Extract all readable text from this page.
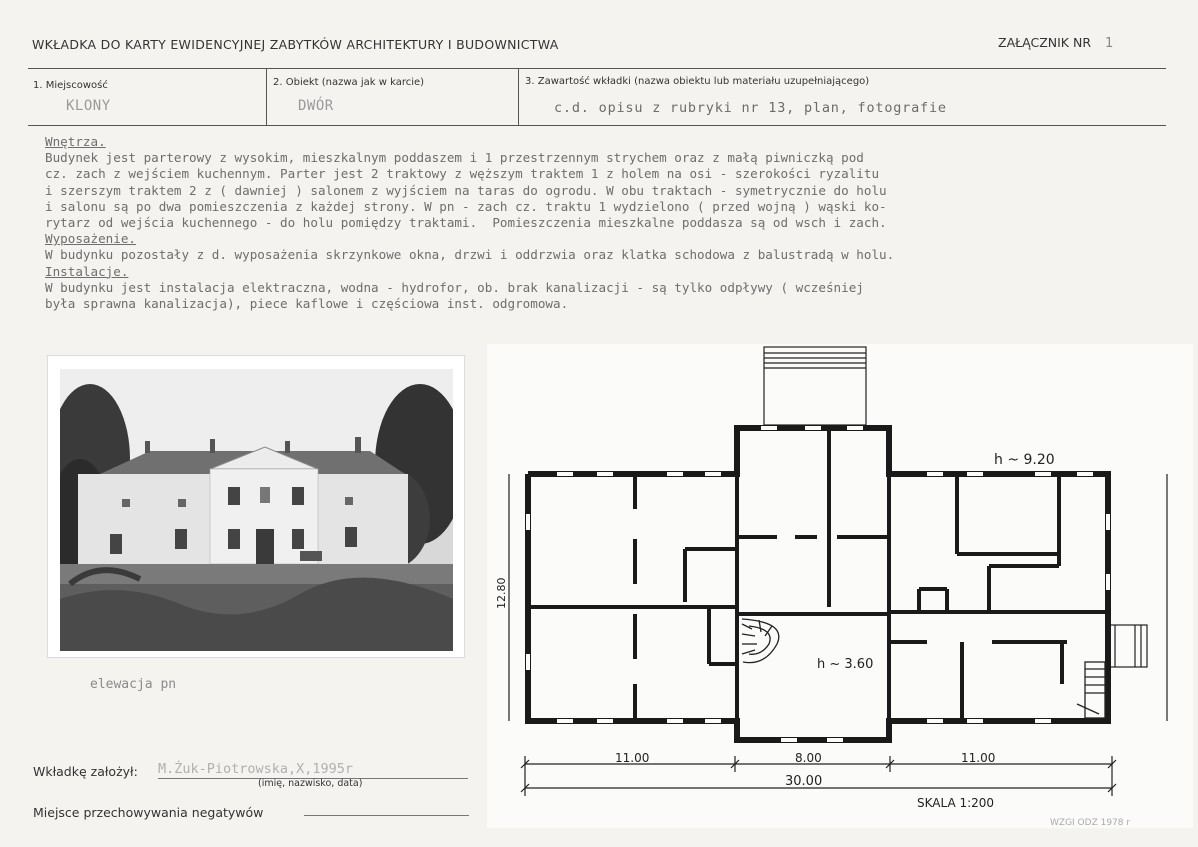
WKŁADKA DO KARTY EWIDENCYJNEJ ZABYTKÓW ARCHITEKTURY I BUDOWNICTWA	ZAŁĄCZNIK NR 1
1. Miejscowość
KLONY
2. Obiekt (nazwa jak w karcie)
DWÓR
3. Zawartość wkładki (nazwa obiektu lub materiału uzupełniającego)
c.d. opisu z rubryki nr 13, plan, fotografie
Wnętrza.
Budynek jest parterowy z wysokim, mieszkalnym poddaszem i 1 przestrzennym strychem oraz z małą piwniczką pod
cz. zach z wejściem kuchennym. Parter jest 2 traktowy z węższym traktem 1 z holem na osi - szerokości ryzalitu
i szerszym traktem 2 z ( dawniej ) salonem z wyjściem na taras do ogrodu. W obu traktach - symetrycznie do holu
i salonu są po dwa pomieszczenia z każdej strony. W pn - zach cz. traktu 1 wydzielono ( przed wojną ) wąski ko-
rytarz od wejścia kuchennego - do holu pomiędzy traktami.  Pomieszczenia mieszkalne poddasza są od wsch i zach.
Wyposażenie.
W budynku pozostały z d. wyposażenia skrzynkowe okna, drzwi i oddrzwia oraz klatka schodowa z balustradą w holu.
Instalacje.
W budynku jest instalacja elektraczna, wodna - hydrofor, ob. brak kanalizacji - są tylko odpływy ( wcześniej
była sprawna kanalizacja), piece kaflowe i częściowa inst. odgromowa.
elewacja pn
h ~ 9.20
h ~ 3.60
12.80
11.00	8.00	11.00
30.00
SKALA 1:200
Wkładkę założył: M.Żuk-Piotrowska,X,1995r
(imię, nazwisko, data)
Miejsce przechowywania negatywów
WZGI ODZ 1978 r
